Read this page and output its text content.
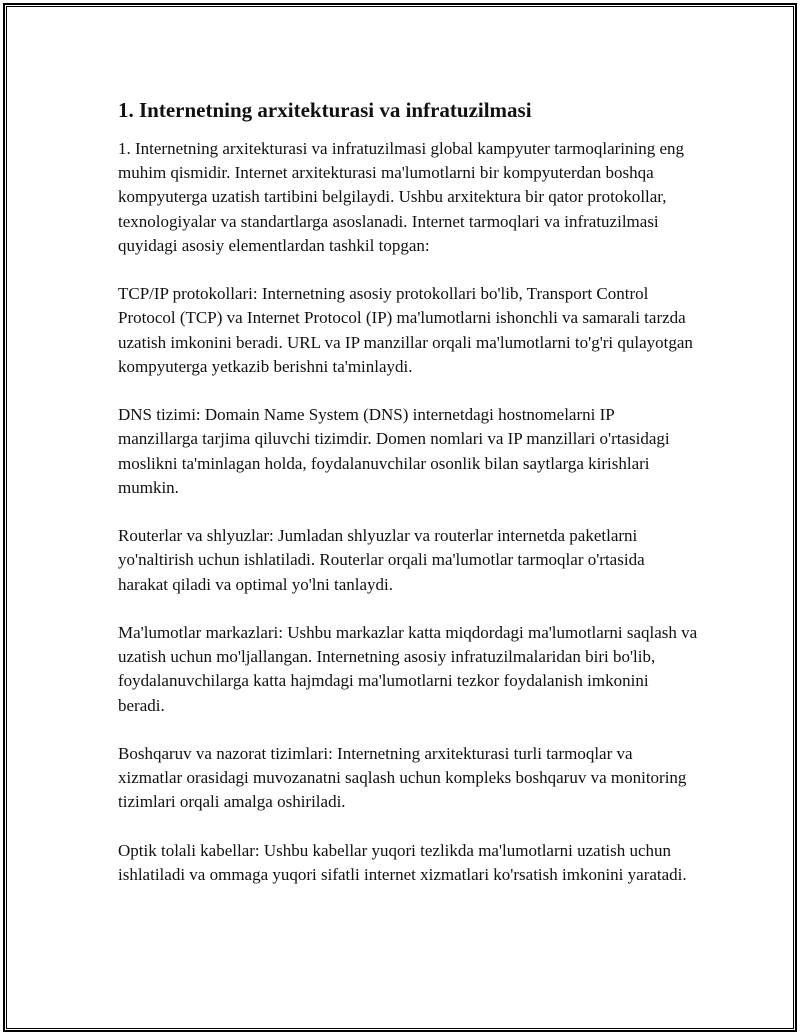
1. Internetning arxitekturasi va infratuzilmasi

1. Internetning arxitekturasi va infratuzilmasi global kampyuter tarmoqlarining eng muhim qismidir. Internet arxitekturasi ma'lumotlarni bir kompyuterdan boshqa kompyuterga uzatish tartibini belgilaydi. Ushbu arxitektura bir qator protokollar, texnologiyalar va standartlarga asoslanadi. Internet tarmoqlari va infratuzilmasi quyidagi asosiy elementlardan tashkil topgan:

TCP/IP protokollari: Internetning asosiy protokollari bo'lib, Transport Control Protocol (TCP) va Internet Protocol (IP) ma'lumotlarni ishonchli va samarali tarzda uzatish imkonini beradi. URL va IP manzillar orqali ma'lumotlarni to'g'ri qulayotgan kompyuterga yetkazib berishni ta'minlaydi.

DNS tizimi: Domain Name System (DNS) internetdagi hostnomelarni IP manzillarga tarjima qiluvchi tizimdir. Domen nomlari va IP manzillari o'rtasidagi moslikni ta'minlagan holda, foydalanuvchilar osonlik bilan saytlarga kirishlari mumkin.

Routerlar va shlyuzlar: Jumladan shlyuzlar va routerlar internetda paketlarni yo'naltirish uchun ishlatiladi. Routerlar orqali ma'lumotlar tarmoqlar o'rtasida harakat qiladi va optimal yo'lni tanlaydi.

Ma'lumotlar markazlari: Ushbu markazlar katta miqdordagi ma'lumotlarni saqlash va uzatish uchun mo'ljallangan. Internetning asosiy infratuzilmalaridan biri bo'lib, foydalanuvchilarga katta hajmdagi ma'lumotlarni tezkor foydalanish imkonini beradi.

Boshqaruv va nazorat tizimlari: Internetning arxitekturasi turli tarmoqlar va xizmatlar orasidagi muvozanatni saqlash uchun kompleks boshqaruv va monitoring tizimlari orqali amalga oshiriladi.

Optik tolali kabellar: Ushbu kabellar yuqori tezlikda ma'lumotlarni uzatish uchun ishlatiladi va ommaga yuqori sifatli internet xizmatlari ko'rsatish imkonini yaratadi.
